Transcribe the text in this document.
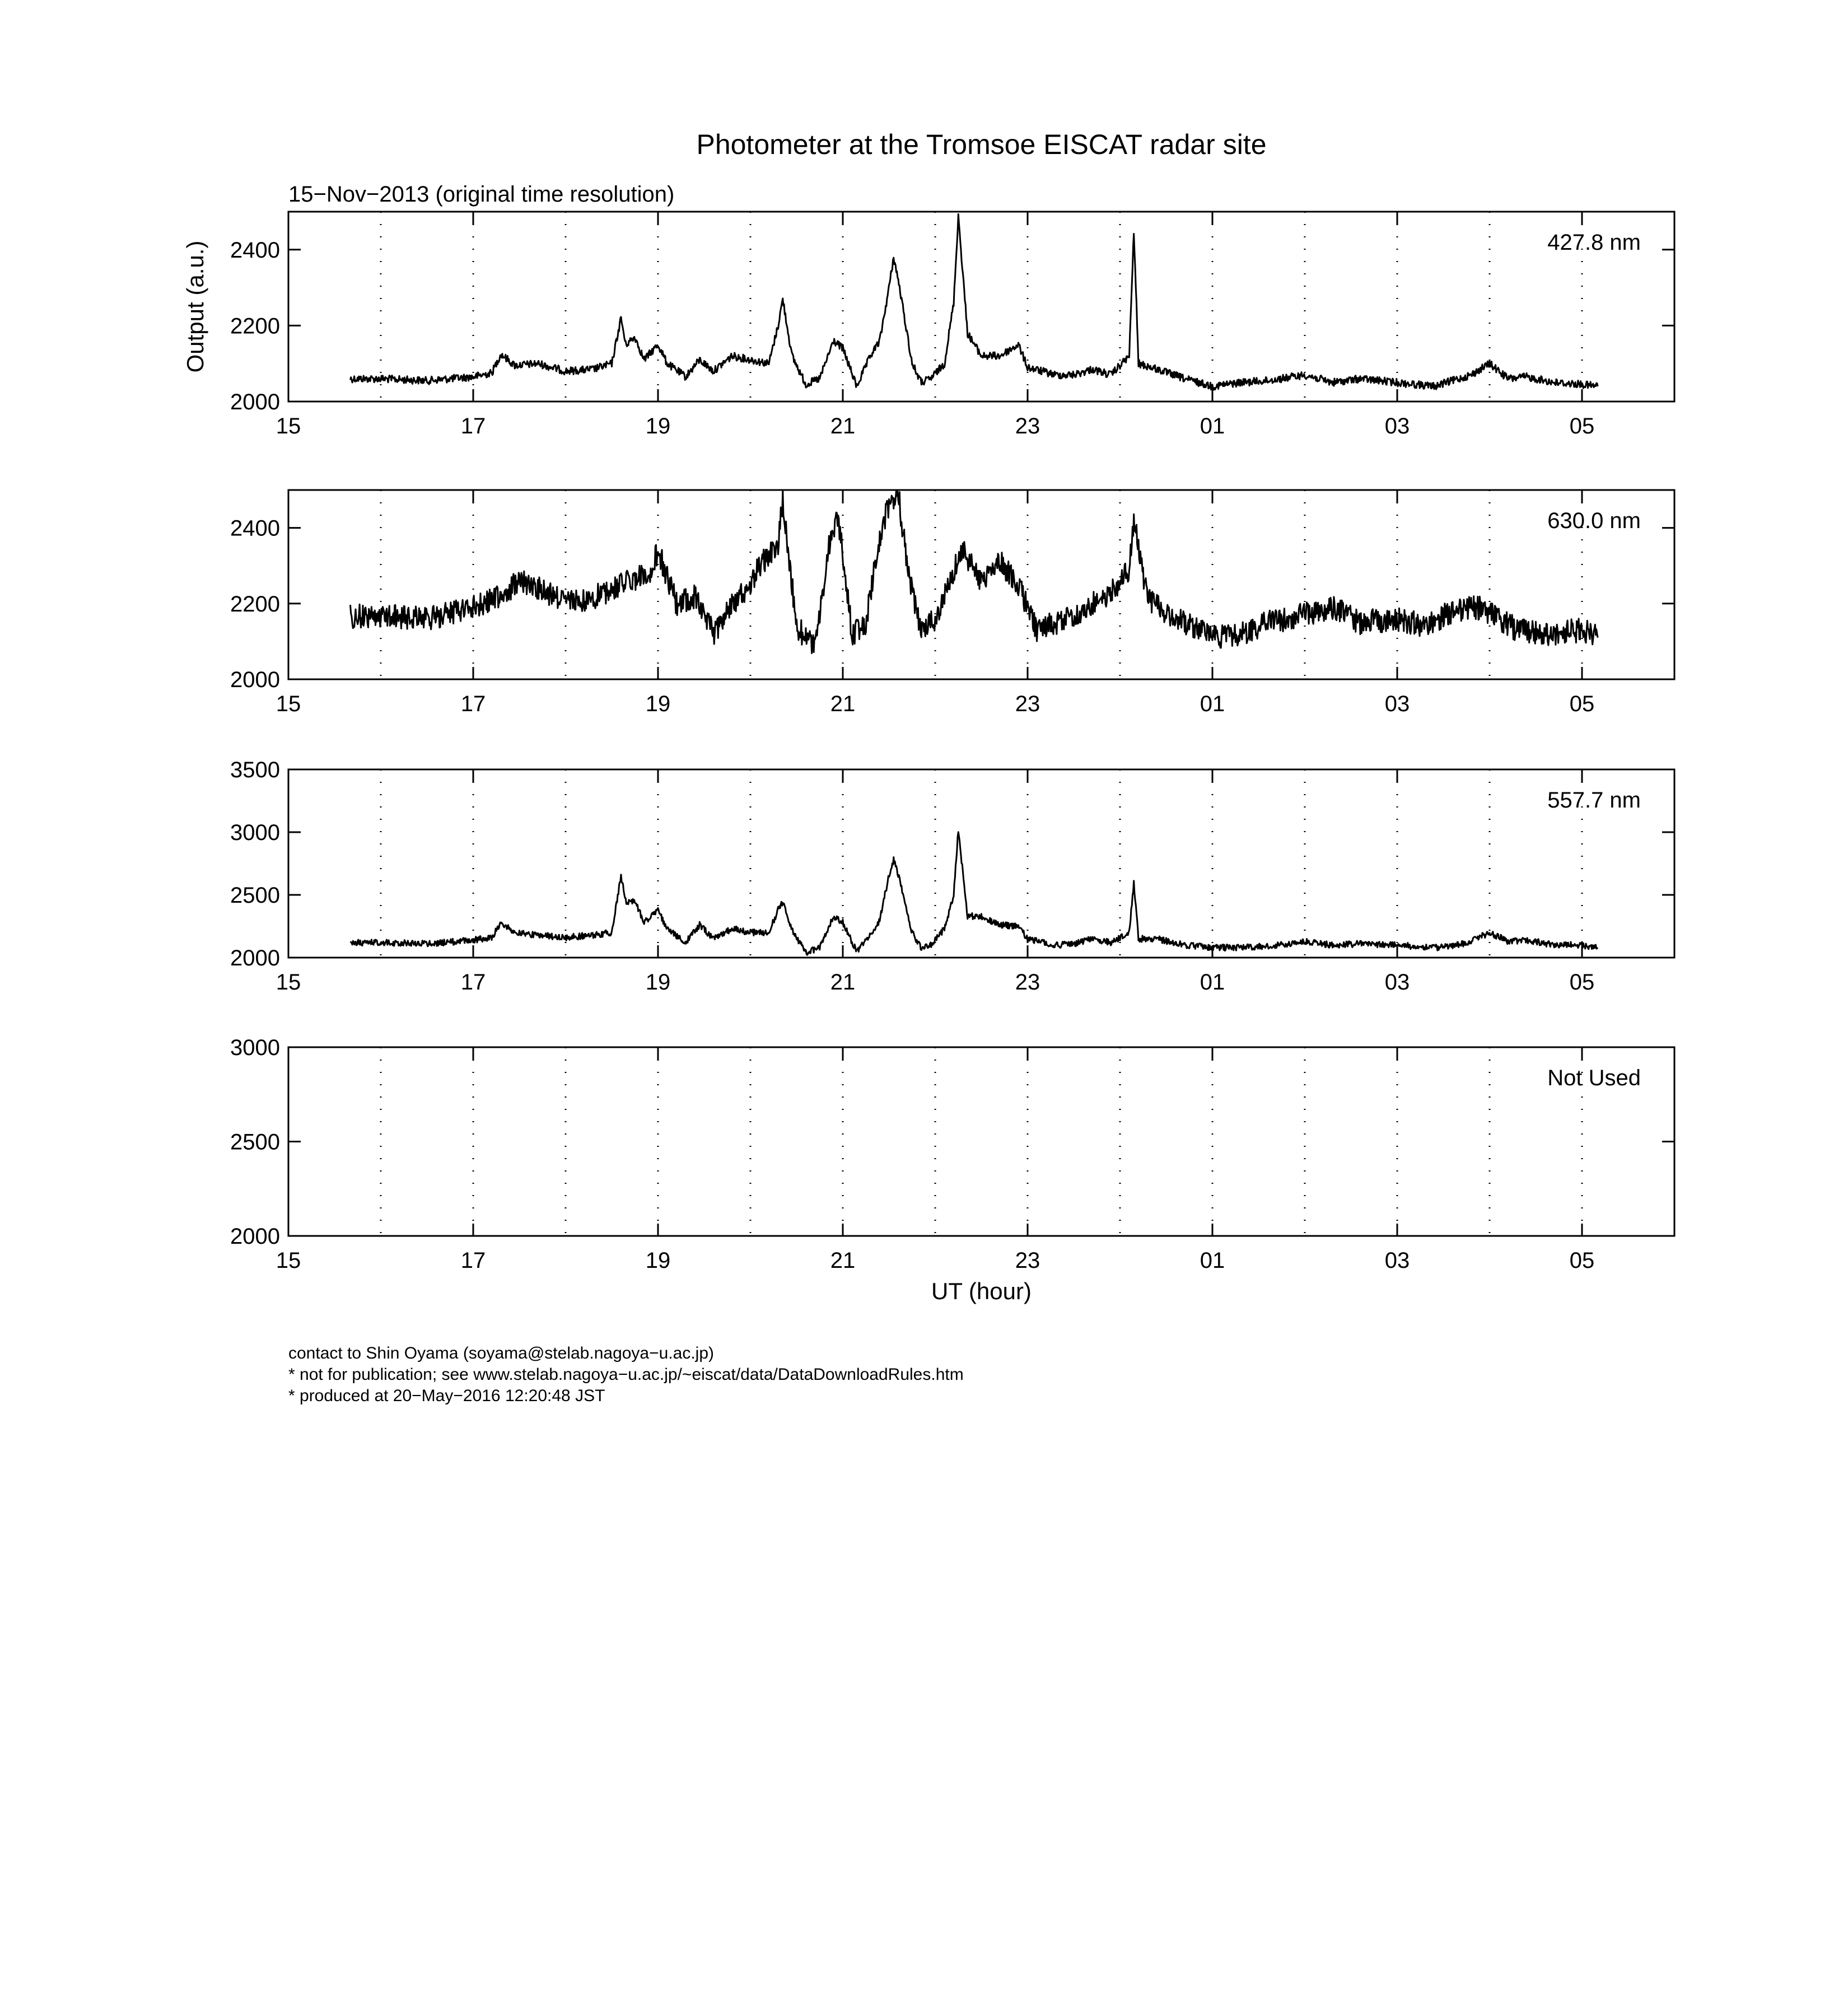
Photometer at the Tromsoe EISCAT radar site
15−Nov−2013 (original time resolution)
15	17	19	21	23	01	03	05
2000
2200
2400	427.8 nm
15	17	19	21	23	01	03	05
2000
2200
2400	630.0 nm
15	17	19	21	23	01	03	05
2000
2500
3000
3500
557.7 nm
15	17	19	21	23	01	03	05
2000
2500
3000
Not Used
UT (hour)
Output (a.u.)
contact to Shin Oyama (soyama@stelab.nagoya−u.ac.jp)
* not for publication; see www.stelab.nagoya−u.ac.jp/~eiscat/data/DataDownloadRules.htm
* produced at 20−May−2016 12:20:48 JST
